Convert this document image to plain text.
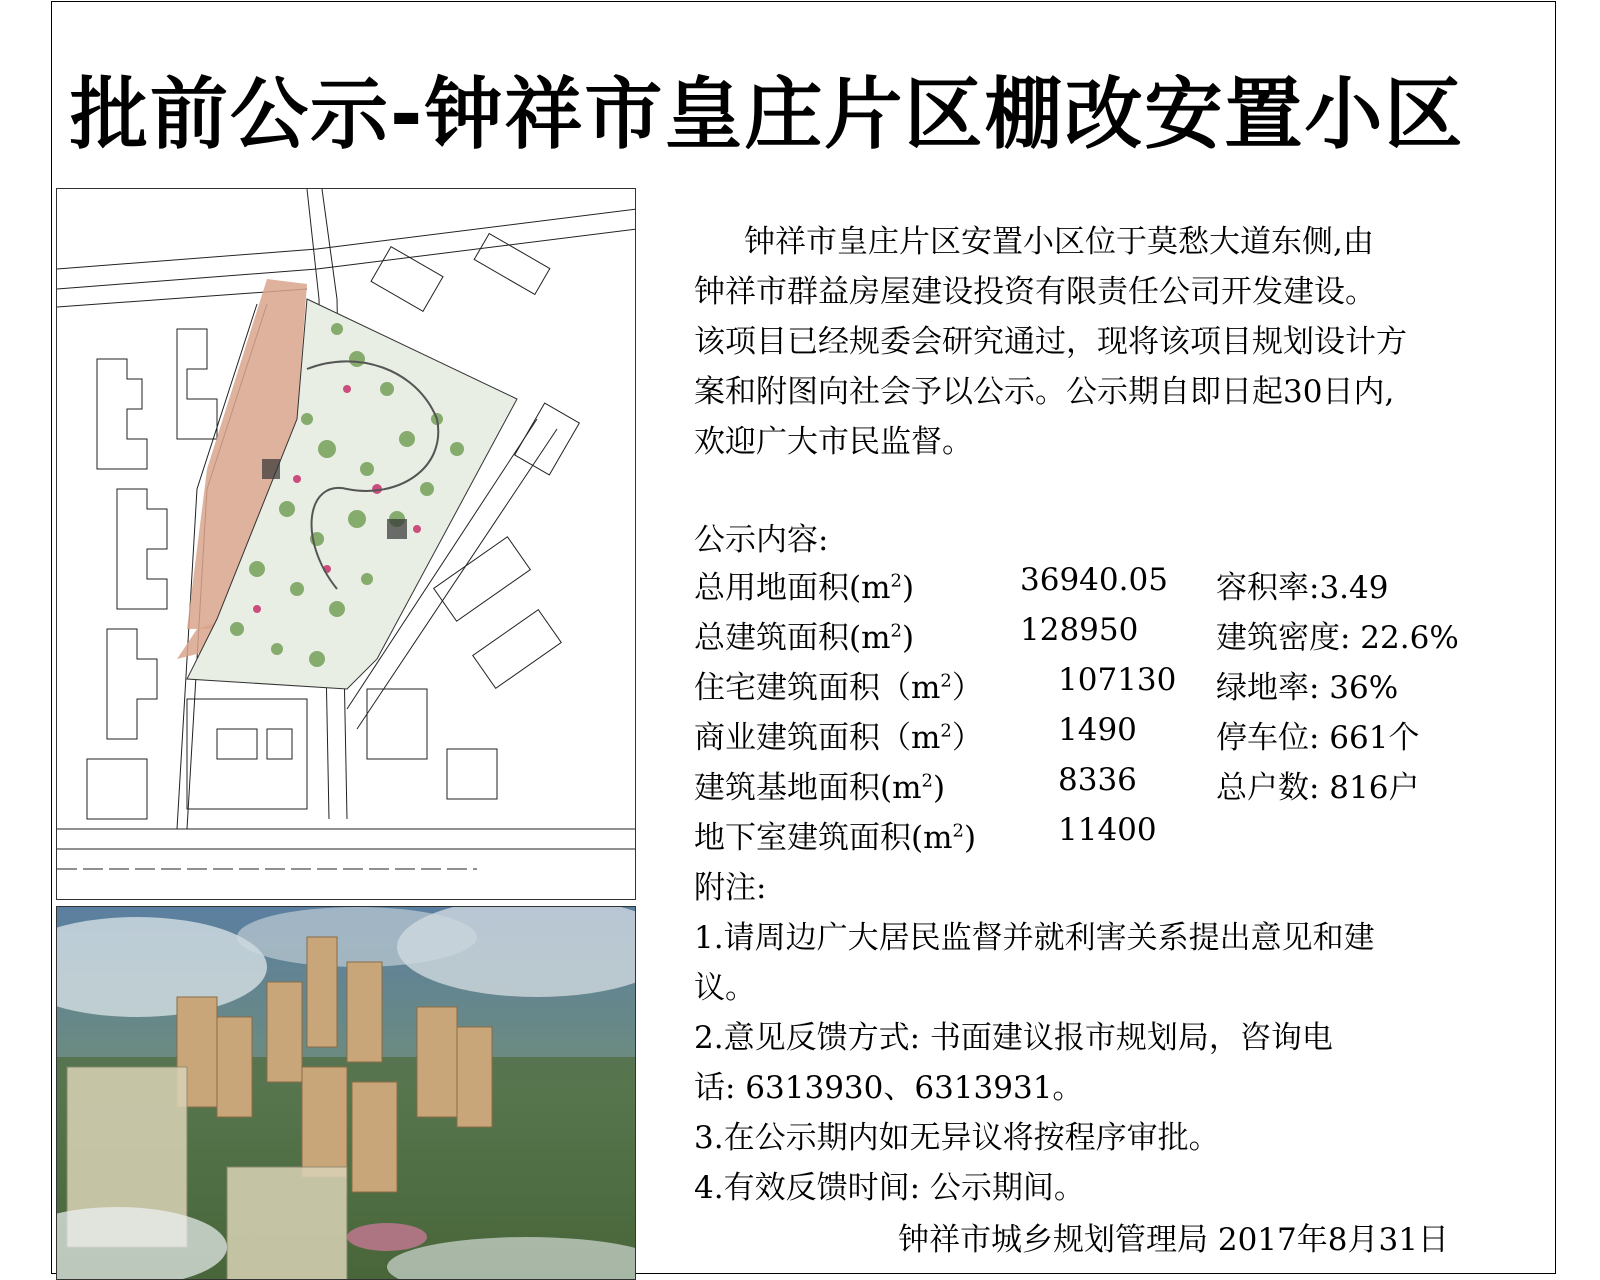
批前公示-钟祥市皇庄片区棚改安置小区
钟祥市皇庄片区安置小区位于莫愁大道东侧,由
钟祥市群益房屋建设投资有限责任公司开发建设。
该项目已经规委会研究通过，现将该项目规划设计方
案和附图向社会予以公示。公示期自即日起30日内,
欢迎广大市民监督。
公示内容:
总用地面积$(m^2)$	36940.05 容积率:3.49
总建筑面积$(m^2)$	128950	建筑密度: 22.6%
住宅建筑面积$(m^2)$ 107130 绿地率: 36%
商业建筑面积$(m^2)$ 1490	停车位: 661个
建筑基地面积$(m^2)$	8336	总户数: 816户
地下室建筑面积$(m^2)$	11400
附注:
1.请周边广大居民监督并就利害关系提出意见和建
议。
2.意见反馈方式: 书面建议报市规划局，咨询电
话: 6313930、6313931。
3.在公示期内如无异议将按程序审批。
4.有效反馈时间: 公示期间。
钟祥市城乡规划管理局 2017年8月31日
